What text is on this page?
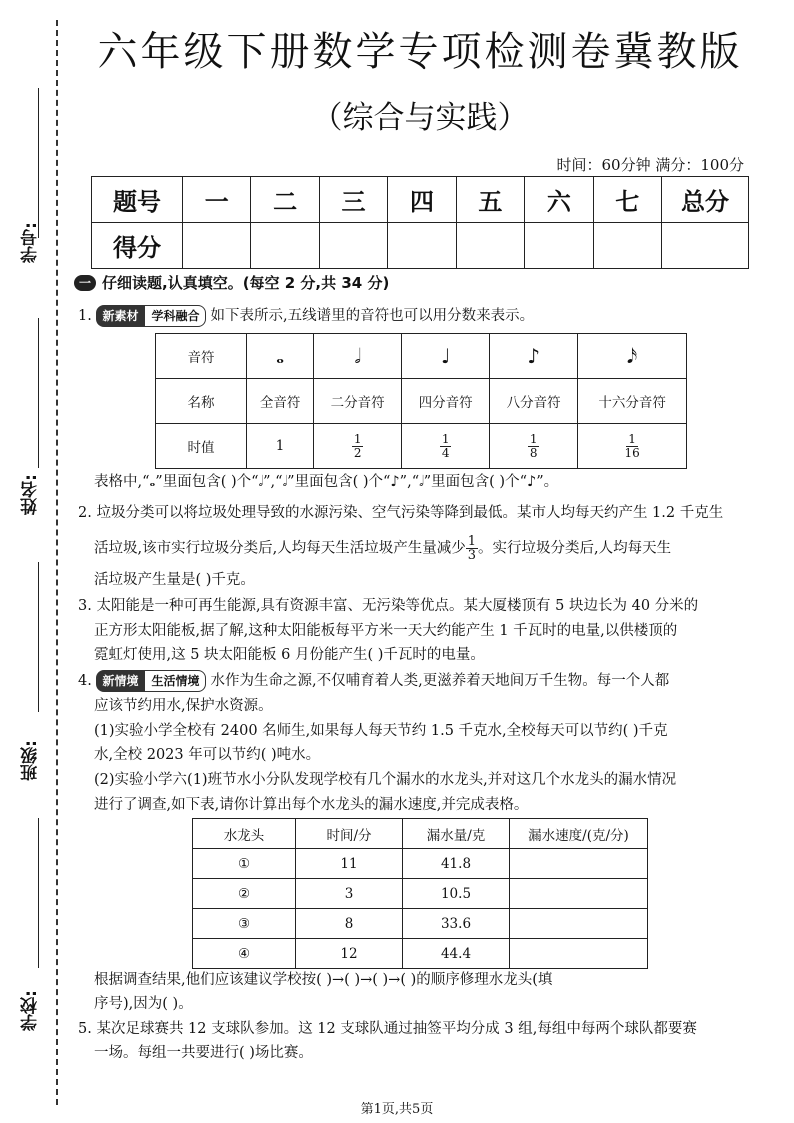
学号:
姓名:
班级:
学校:
六年级下册数学专项检测卷冀教版
（综合与实践）
时间：60分钟 满分：100分
题号	一	二	三	四	五	六	七	总分
得分								
一 仔细读题,认真填空。(每空 2 分,共 34 分)
1. 新素材 学科融合 如下表所示,五线谱里的音符也可以用分数来表示。
音符	𝅝	𝅗𝅥	♩	♪	𝅘𝅥𝅯
名称	全音符	二分音符	四分音符	八分音符	十六分音符
时值	1	$\frac{1}{2}$	$\frac{1}{4}$	$\frac{1}{8}$	$\frac{1}{16}$
表格中,“𝅝”里面包含( )个“𝅗𝅥”,“𝅗𝅥”里面包含( )个“♪”,“𝅗𝅥”里面包含( )个“♪”。
2. 垃圾分类可以将垃圾处理导致的水源污染、空气污染等降到最低。某市人均每天约产生 1.2 千克生
活垃圾,该市实行垃圾分类后,人均每天生活垃圾产生量减少 $\frac{1}{3}$ 。实行垃圾分类后,人均每天生
活垃圾产生量是( )千克。
3. 太阳能是一种可再生能源,具有资源丰富、无污染等优点。某大厦楼顶有 5 块边长为 40 分米的
正方形太阳能板,据了解,这种太阳能板每平方米一天大约能产生 1 千瓦时的电量,以供楼顶的
霓虹灯使用,这 5 块太阳能板 6 月份能产生( )千瓦时的电量。
4. 新情境 生活情境 水作为生命之源,不仅哺育着人类,更滋养着天地间万千生物。每一个人都
应该节约用水,保护水资源。
(1)实验小学全校有 2400 名师生,如果每人每天节约 1.5 千克水,全校每天可以节约( )千克
水,全校 2023 年可以节约( )吨水。
(2)实验小学六(1)班节水小分队发现学校有几个漏水的水龙头,并对这几个水龙头的漏水情况
进行了调查,如下表,请你计算出每个水龙头的漏水速度,并完成表格。
水龙头	时间/分	漏水量/克	漏水速度/(克/分)
①	11	41.8	
②	3	10.5	
③	8	33.6	
④	12	44.4	
根据调查结果,他们应该建议学校按( )→( )→( )→( )的顺序修理水龙头(填
序号),因为( )。
5. 某次足球赛共 12 支球队参加。这 12 支球队通过抽签平均分成 3 组,每组中每两个球队都要赛
一场。每组一共要进行( )场比赛。
第1页,共5页
